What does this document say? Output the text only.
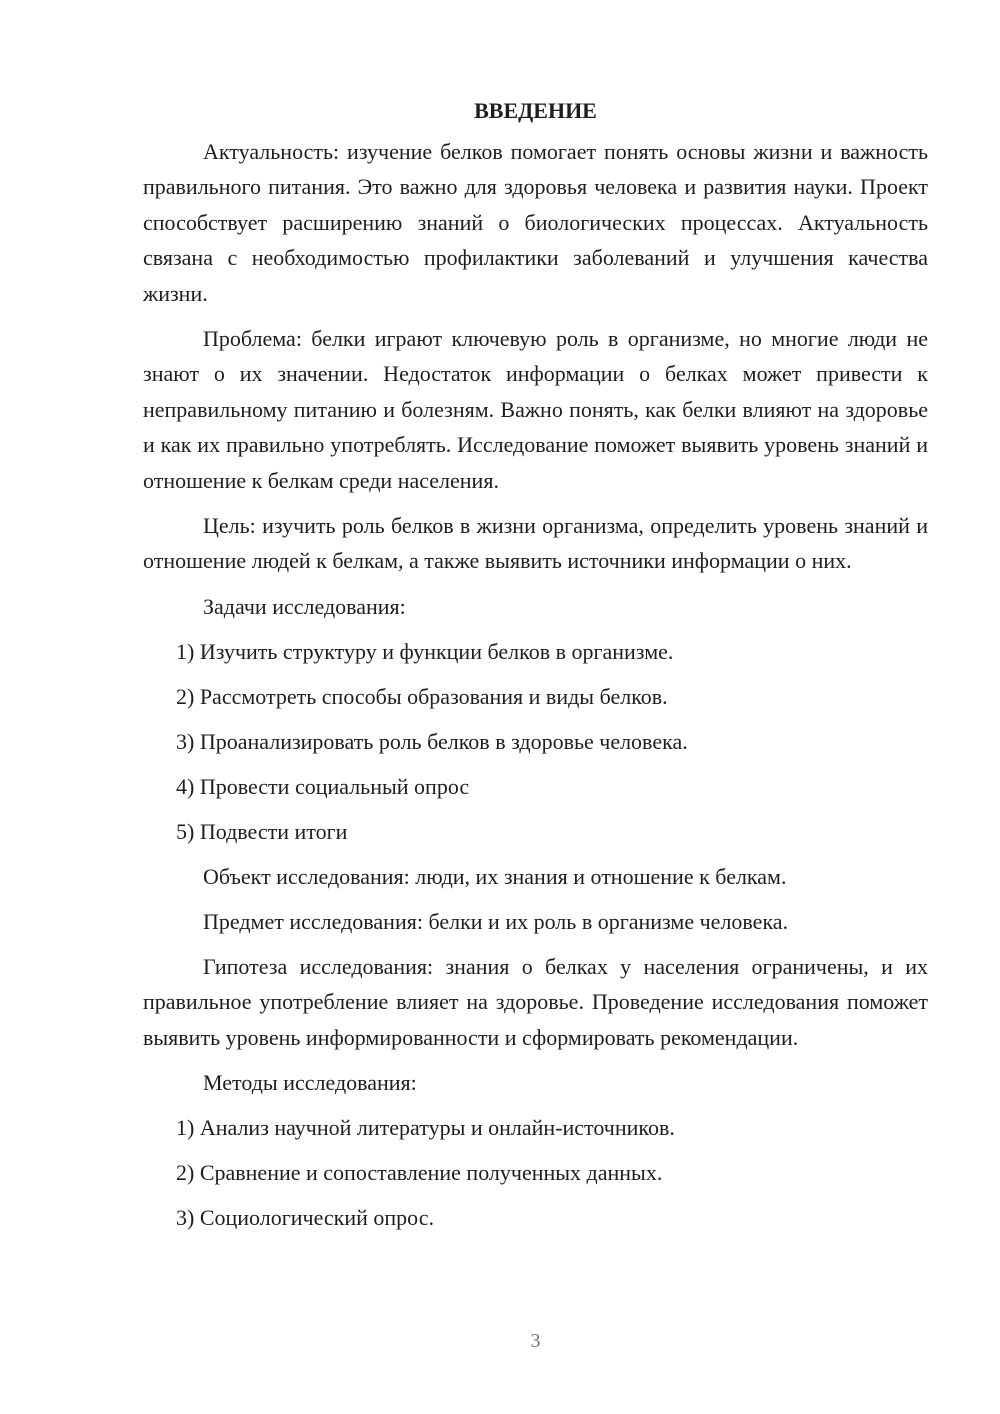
ВВЕДЕНИЕ

Актуальность: изучение белков помогает понять основы жизни и важность правильного питания. Это важно для здоровья человека и развития науки. Проект способствует расширению знаний о биологических процессах. Актуальность связана с необходимостью профилактики заболеваний и улучшения качества жизни.

Проблема: белки играют ключевую роль в организме, но многие люди не знают о их значении. Недостаток информации о белках может привести к неправильному питанию и болезням. Важно понять, как белки влияют на здоровье и как их правильно употреблять. Исследование поможет выявить уровень знаний и отношение к белкам среди населения.

Цель: изучить роль белков в жизни организма, определить уровень знаний и отношение людей к белкам, а также выявить источники информации о них.

Задачи исследования:
1) Изучить структуру и функции белков в организме.
2) Рассмотреть способы образования и виды белков.
3) Проанализировать роль белков в здоровье человека.
4) Провести социальный опрос
5) Подвести итоги
Объект исследования: люди, их знания и отношение к белкам.
Предмет исследования: белки и их роль в организме человека.

Гипотеза исследования: знания о белках у населения ограничены, и их правильное употребление влияет на здоровье. Проведение исследования поможет выявить уровень информированности и сформировать рекомендации.

Методы исследования:
1) Анализ научной литературы и онлайн-источников.
2) Сравнение и сопоставление полученных данных.
3) Социологический опрос.
3
